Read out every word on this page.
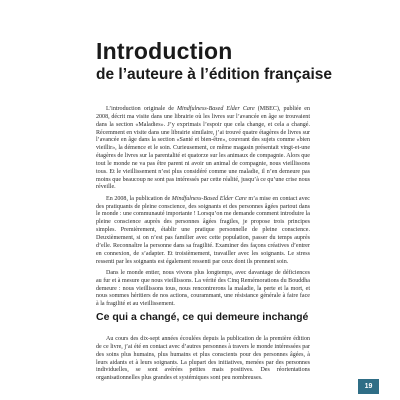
Introduction
de l’auteure à l’édition française

L’introduction originale de Mindfulness-Based Elder Care (MBEC), publiée en 2008, décrit ma visite dans une librairie où les livres sur l’avancée en âge se trouvaient dans la section «Maladies». J’y exprimais l’espoir que cela change, et cela a changé. Récemment en visite dans une librairie similaire, j’ai trouvé quatre étagères de livres sur l’avancée en âge dans la section «Santé et bien-être», couvrant des sujets comme «bien vieillir», la démence et le soin. Curieusement, ce même magasin présentait vingt-et-une étagères de livres sur la parentalité et quatorze sur les animaux de compagnie. Alors que tout le monde ne va pas être parent ni avoir un animal de compagnie, nous vieillissons tous. Et le vieillissement n’est plus considéré comme une maladie, il n’en demeure pas moins que beaucoup ne sont pas intéressés par cette réalité, jusqu’à ce qu’une crise nous réveille.

En 2008, la publication de Mindfulness-Based Elder Care m’a mise en contact avec des pratiquants de pleine conscience, des soignants et des personnes âgées partout dans le monde : une communauté importante ! Lorsqu’on me demande comment introduire la pleine conscience auprès des personnes âgées fragiles, je propose trois principes simples. Premièrement, établir une pratique personnelle de pleine conscience. Deuxièmement, si on n’est pas familier avec cette population, passer du temps auprès d’elle. Reconnaître la personne dans sa fragilité. Examiner des façons créatives d’entrer en connexion, de s’adapter. Et troisièmement, travailler avec les soignants. Le stress ressenti par les soignants est également ressenti par ceux dont ils prennent soin.

Dans le monde entier, nous vivons plus longtemps, avec davantage de déficiences au fur et à mesure que nous vieillissons. La vérité des Cinq Remémorations du Bouddha demeure : nous vieillissons tous, nous rencontrerons la maladie, la perte et la mort, et nous sommes héritiers de nos actions, courammant, une résistance générale à faire face à la fragilité et au vieillissement.

Ce qui a changé, ce qui demeure inchangé

Au cours des dix-sept années écoulées depuis la publication de la première édition de ce livre, j’ai été en contact avec d’autres personnes à travers le monde intéressées par des soins plus humains, plus humains et plus conscients pour des personnes âgées, à leurs aidants et à leurs soignants. La plupart des initiatives, menées par des personnes individuelles, se sont avérées petites mais positives. Des réorientations organisationnelles plus grandes et systémiques sont peu nombreuses.

19
